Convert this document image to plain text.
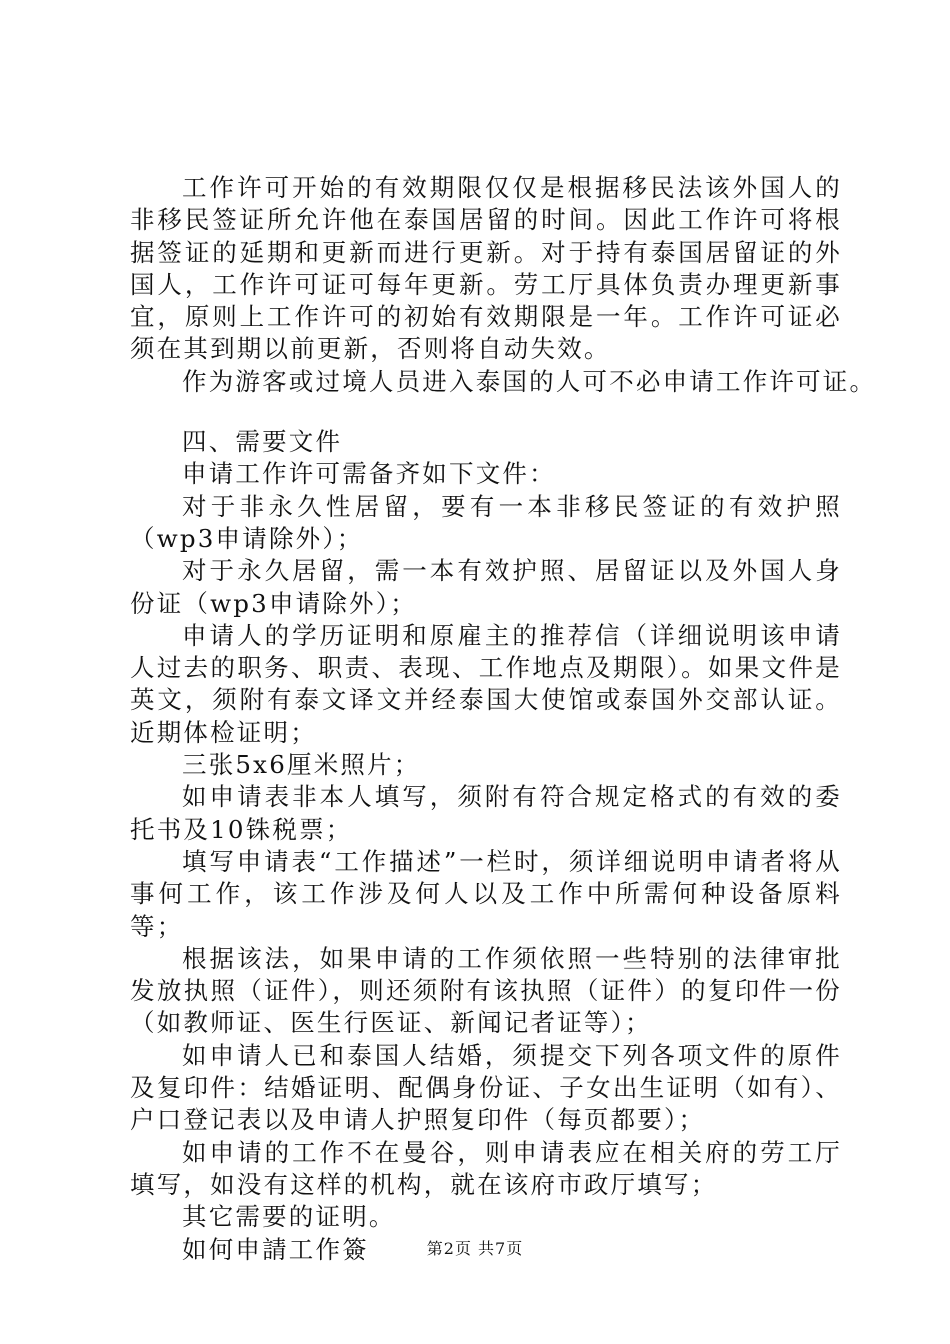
工作许可开始的有效期限仅仅是根据移民法该外国人的非移民签证所允许他在泰国居留的时间。因此工作许可将根据签证的延期和更新而进行更新。对于持有泰国居留证的外国人，工作许可证可每年更新。劳工厅具体负责办理更新事宜，原则上工作许可的初始有效期限是一年。工作许可证必须在其到期以前更新，否则将自动失效。

作为游客或过境人员进入泰国的人可不必申请工作许可证。

四、需要文件

申请工作许可需备齐如下文件：

对于非永久性居留，要有一本非移民签证的有效护照（wp3申请除外）；

对于永久居留，需一本有效护照、居留证以及外国人身份证（wp3申请除外）；

申请人的学历证明和原雇主的推荐信（详细说明该申请人过去的职务、职责、表现、工作地点及期限）。如果文件是英文，须附有泰文译文并经泰国大使馆或泰国外交部认证。近期体检证明；

三张5x6厘米照片；

如申请表非本人填写，须附有符合规定格式的有效的委托书及10铢税票；

填写申请表“工作描述”一栏时，须详细说明申请者将从事何工作，该工作涉及何人以及工作中所需何种设备原料等；

根据该法，如果申请的工作须依照一些特别的法律审批发放执照（证件），则还须附有该执照（证件）的复印件一份（如教师证、医生行医证、新闻记者证等）；

如申请人已和泰国人结婚，须提交下列各项文件的原件及复印件：结婚证明、配偶身份证、子女出生证明（如有）、户口登记表以及申请人护照复印件（每页都要）；

如申请的工作不在曼谷，则申请表应在相关府的劳工厅填写，如没有这样的机构，就在该府市政厅填写；

其它需要的证明。

如何申請工作簽	第2页 共7页
